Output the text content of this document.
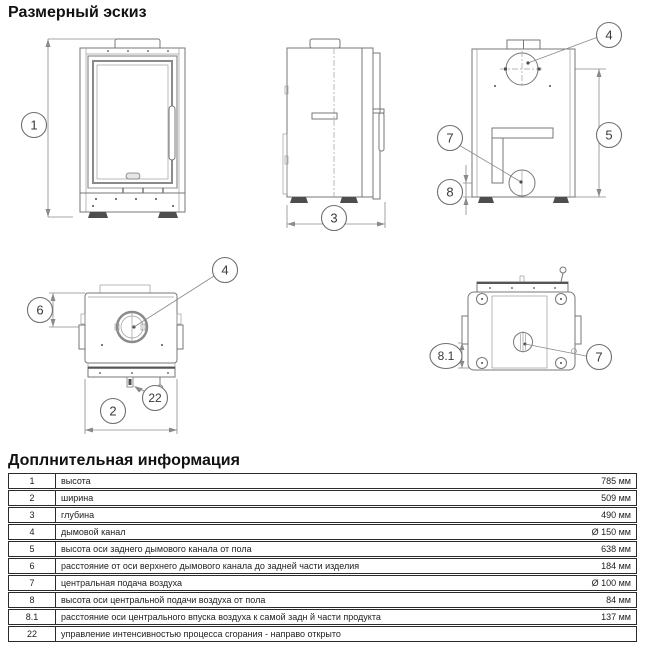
Размерный эскиз
1
3
4
5
7
8
4
6
22
2
8.1	7
Доплнительная информация
1	высота	785 мм
2	ширина	509 мм
3	глубина	490 мм
4	дымовой канал	Ø 150 мм
5	высота оси заднего дымового канала от пола	638 мм
6	расстояние от оси верхнего дымового канала до задней части изделия	184 мм
7	центральная подача воздуха	Ø 100 мм
8	высота оси центральной подачи воздуха от пола	84 мм
8.1	расстояние оси центрального впуска воздуха к самой задн й части продукта	137 мм
22	управление интенсивностью процесса сгорания - направо открыто
